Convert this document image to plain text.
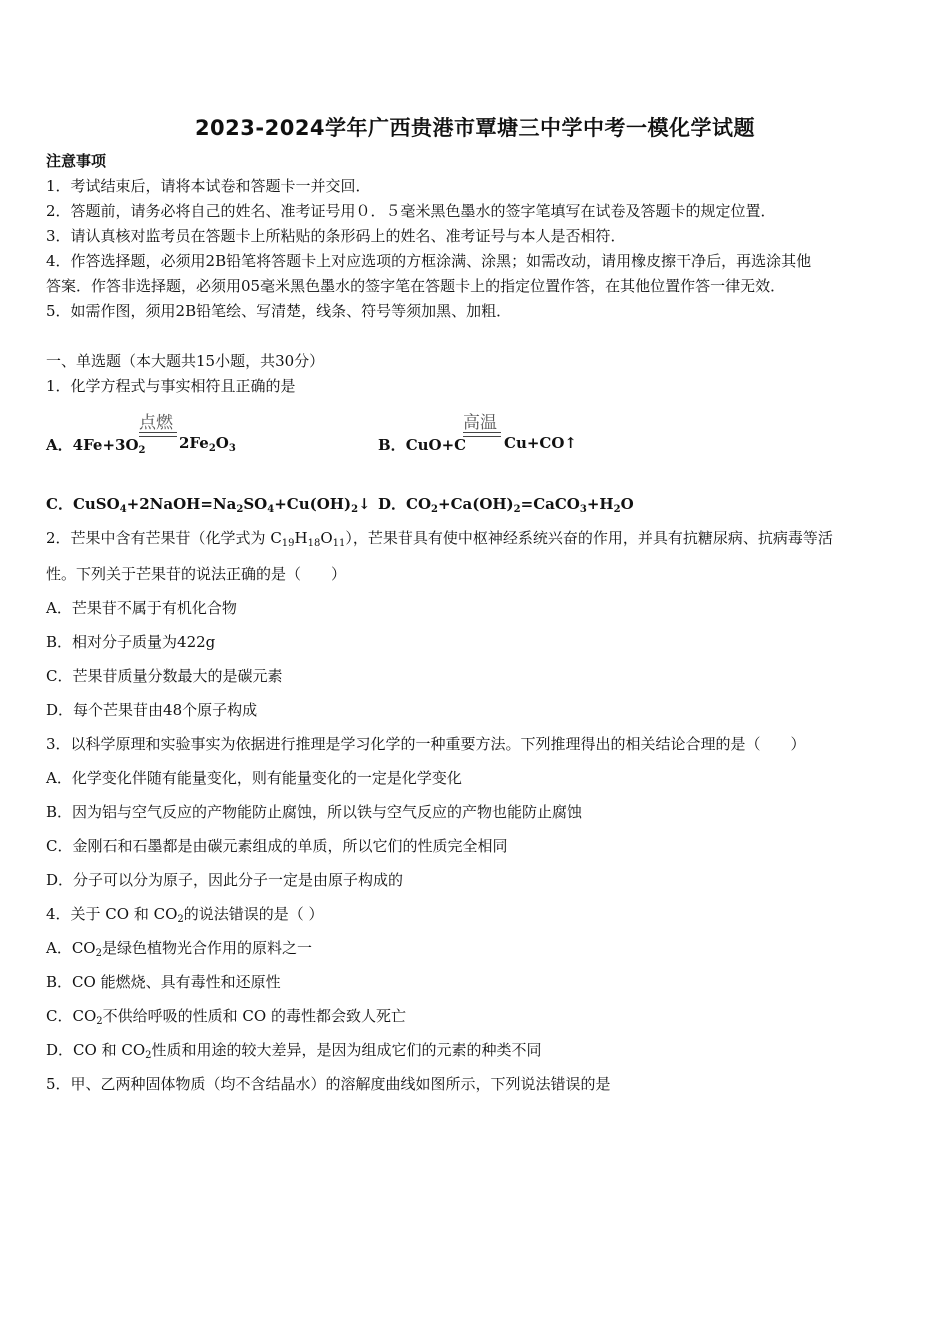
2023-2024学年广西贵港市覃塘三中学中考一模化学试题
注意事项
1．考试结束后，请将本试卷和答题卡一并交回．
2．答题前，请务必将自己的姓名、准考证号用０．５毫米黑色墨水的签字笔填写在试卷及答题卡的规定位置．
3．请认真核对监考员在答题卡上所粘贴的条形码上的姓名、准考证号与本人是否相符．
4．作答选择题，必须用2B铅笔将答题卡上对应选项的方框涂满、涂黑；如需改动，请用橡皮擦干净后，再选涂其他
答案．作答非选择题，必须用05毫米黑色墨水的签字笔在答题卡上的指定位置作答，在其他位置作答一律无效．
5．如需作图，须用2B铅笔绘、写清楚，线条、符号等须加黑、加粗．
一、单选题（本大题共15小题，共30分）
1．化学方程式与事实相符且正确的是
A．$4Fe+3O_2$
点燃
$2Fe_2O_3$	B．CuO+C
高温
Cu+CO↑
C．$CuSO_4+2NaOH=Na_2SO_4+Cu(OH)_2↓$ D．$CO_2+Ca(OH)_2=CaCO_3+H_2O$
2．芒果中含有芒果苷（化学式为 $C_{19}H_{18}O_{11}$），芒果苷具有使中枢神经系统兴奋的作用，并具有抗糖尿病、抗病毒等活
性。下列关于芒果苷的说法正确的是（　　）
A．芒果苷不属于有机化合物
B．相对分子质量为422g
C．芒果苷质量分数最大的是碳元素
D．每个芒果苷由48个原子构成
3．以科学原理和实验事实为依据进行推理是学习化学的一种重要方法。下列推理得出的相关结论合理的是（　　）
A．化学变化伴随有能量变化，则有能量变化的一定是化学变化
B．因为铝与空气反应的产物能防止腐蚀，所以铁与空气反应的产物也能防止腐蚀
C．金刚石和石墨都是由碳元素组成的单质，所以它们的性质完全相同
D．分子可以分为原子，因此分子一定是由原子构成的
4．关于 CO 和 $CO_2$的说法错误的是（ ）
A．$CO_2$是绿色植物光合作用的原料之一
B．CO 能燃烧、具有毒性和还原性
C．$CO_2$不供给呼吸的性质和 CO 的毒性都会致人死亡
D．CO 和 $CO_2$性质和用途的较大差异，是因为组成它们的元素的种类不同
5．甲、乙两种固体物质（均不含结晶水）的溶解度曲线如图所示，下列说法错误的是
